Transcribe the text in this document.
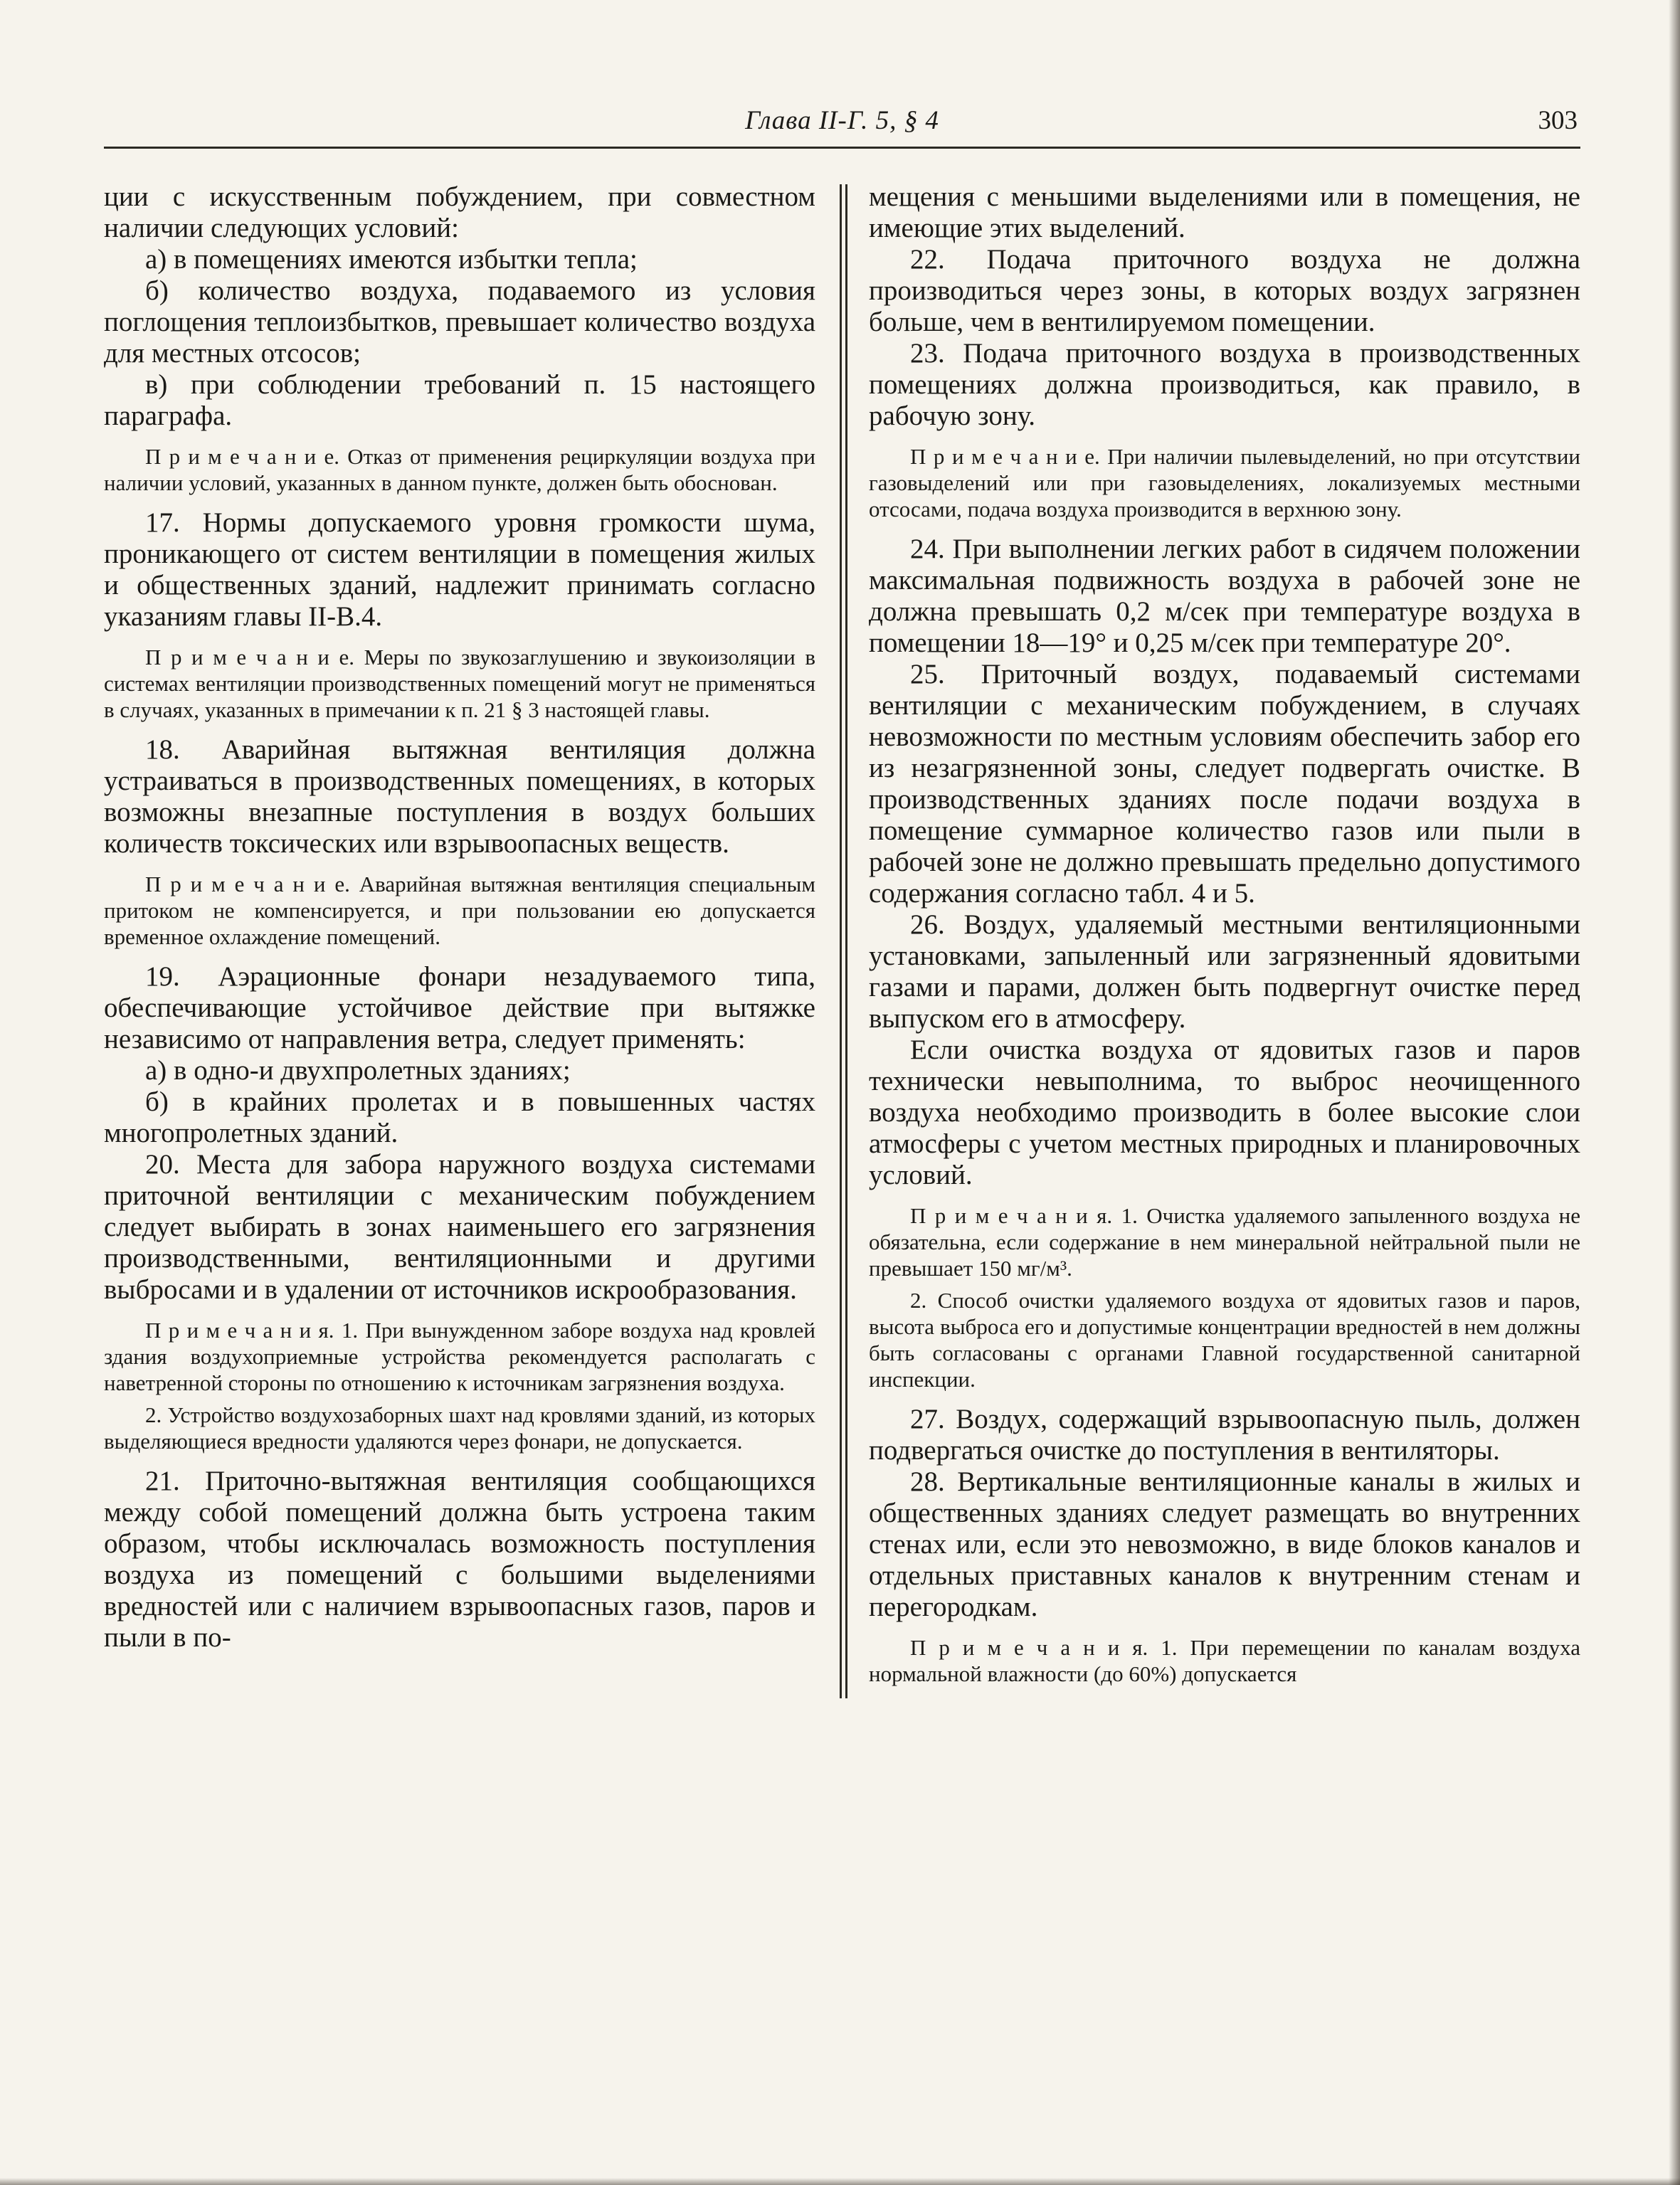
Глава II-Г. 5, § 4	303

ции с искусственным побуждением, при совместном наличии следующих условий:

а) в помещениях имеются избытки тепла;

б) количество воздуха, подаваемого из условия поглощения теплоизбытков, превышает количество воздуха для местных отсосов;

в) при соблюдении требований п. 15 настоящего параграфа.

П р и м е ч а н и е. Отказ от применения рециркуляции воздуха при наличии условий, указанных в данном пункте, должен быть обоснован.

17. Нормы допускаемого уровня громкости шума, проникающего от систем вентиляции в помещения жилых и общественных зданий, надлежит принимать согласно указаниям главы II-В.4.

П р и м е ч а н и е. Меры по звукозаглушению и звукоизоляции в системах вентиляции производственных помещений могут не применяться в случаях, указанных в примечании к п. 21 § 3 настоящей главы.

18. Аварийная вытяжная вентиляция должна устраиваться в производственных помещениях, в которых возможны внезапные поступления в воздух больших количеств токсических или взрывоопасных веществ.

П р и м е ч а н и е. Аварийная вытяжная вентиляция специальным притоком не компенсируется, и при пользовании ею допускается временное охлаждение помещений.

19. Аэрационные фонари незадуваемого типа, обеспечивающие устойчивое действие при вытяжке независимо от направления ветра, следует применять:

а) в одно-и двухпролетных зданиях;

б) в крайних пролетах и в повышенных частях многопролетных зданий.

20. Места для забора наружного воздуха системами приточной вентиляции с механическим побуждением следует выбирать в зонах наименьшего его загрязнения производственными, вентиляционными и другими выбросами и в удалении от источников искрообразования.

П р и м е ч а н и я. 1. При вынужденном заборе воздуха над кровлей здания воздухоприемные устройства рекомендуется располагать с наветренной стороны по отношению к источникам загрязнения воздуха.

2. Устройство воздухозаборных шахт над кровлями зданий, из которых выделяющиеся вредности удаляются через фонари, не допускается.

21. Приточно-вытяжная вентиляция сообщающихся между собой помещений должна быть устроена таким образом, чтобы исключалась возможность поступления воздуха из помещений с большими выделениями вредностей или с наличием взрывоопасных газов, паров и пыли в по-

мещения с меньшими выделениями или в помещения, не имеющие этих выделений.

22. Подача приточного воздуха не должна производиться через зоны, в которых воздух загрязнен больше, чем в вентилируемом помещении.

23. Подача приточного воздуха в производственных помещениях должна производиться, как правило, в рабочую зону.

П р и м е ч а н и е. При наличии пылевыделений, но при отсутствии газовыделений или при газовыделениях, локализуемых местными отсосами, подача воздуха производится в верхнюю зону.

24. При выполнении легких работ в сидячем положении максимальная подвижность воздуха в рабочей зоне не должна превышать 0,2 м/сек при температуре воздуха в помещении 18—19° и 0,25 м/сек при температуре 20°.

25. Приточный воздух, подаваемый системами вентиляции с механическим побуждением, в случаях невозможности по местным условиям обеспечить забор его из незагрязненной зоны, следует подвергать очистке. В производственных зданиях после подачи воздуха в помещение суммарное количество газов или пыли в рабочей зоне не должно превышать предельно допустимого содержания согласно табл. 4 и 5.

26. Воздух, удаляемый местными вентиляционными установками, запыленный или загрязненный ядовитыми газами и парами, должен быть подвергнут очистке перед выпуском его в атмосферу.

Если очистка воздуха от ядовитых газов и паров технически невыполнима, то выброс неочищенного воздуха необходимо производить в более высокие слои атмосферы с учетом местных природных и планировочных условий.

П р и м е ч а н и я. 1. Очистка удаляемого запыленного воздуха не обязательна, если содержание в нем минеральной нейтральной пыли не превышает 150 мг/м³.

2. Способ очистки удаляемого воздуха от ядовитых газов и паров, высота выброса его и допустимые концентрации вредностей в нем должны быть согласованы с органами Главной государственной санитарной инспекции.

27. Воздух, содержащий взрывоопасную пыль, должен подвергаться очистке до поступления в вентиляторы.

28. Вертикальные вентиляционные каналы в жилых и общественных зданиях следует размещать во внутренних стенах или, если это невозможно, в виде блоков каналов и отдельных приставных каналов к внутренним стенам и перегородкам.

П р и м е ч а н и я. 1. При перемещении по каналам воздуха нормальной влажности (до 60%) допускается
